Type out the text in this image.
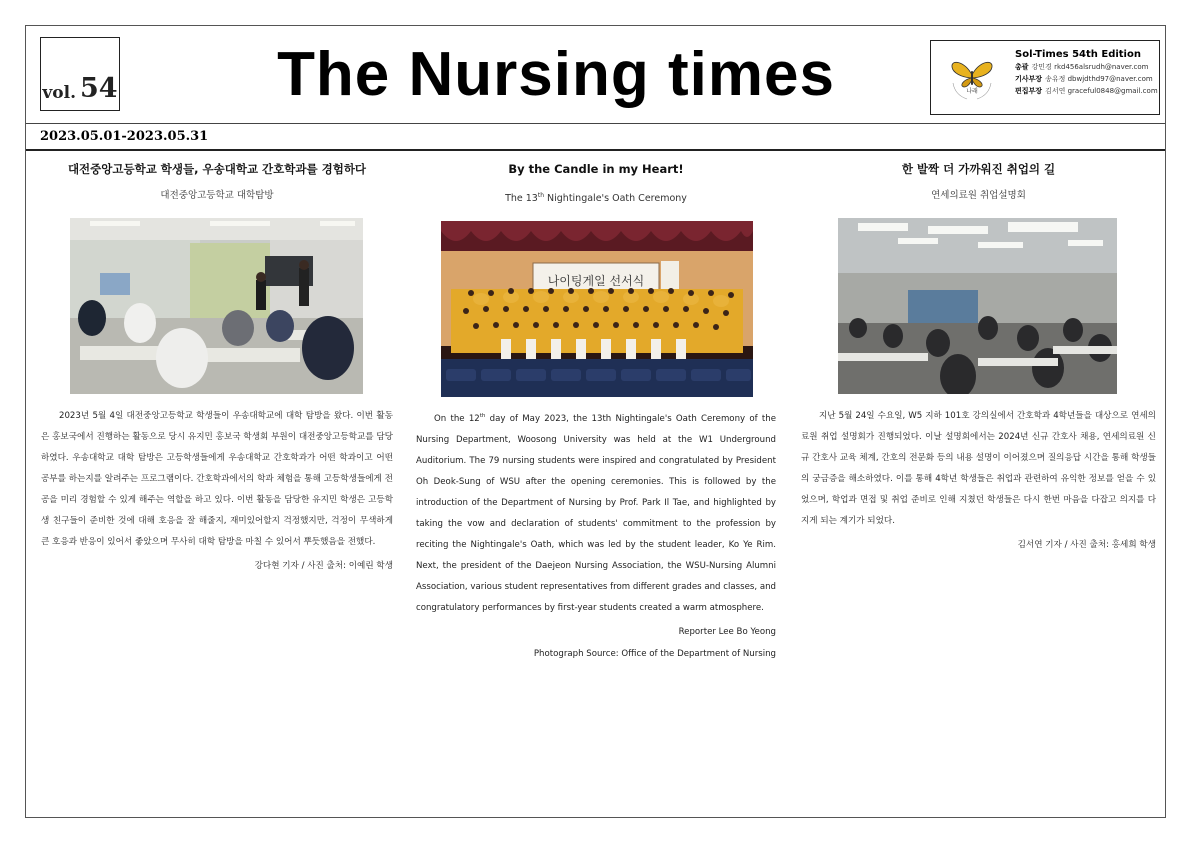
vol. 54	The Nursing times	나래
Sol-Times 54th Edition
총괄 강민경 rkd456alsrudh@naver.com
기사부장 송유정 dbwjdthd97@naver.com
편집부장 김서연 graceful0848@gmail.com
2023.05.01-2023.05.31
대전중앙고등학교 학생들, 우송대학교 간호학과를 경험하다
대전중앙고등학교 대학탐방

2023년 5월 4일 대전중앙고등학교 학생들이 우송대학교에 대학 탐방을 왔다. 이번 활동은 홍보국에서 진행하는 활동으로 당시 유지민 홍보국 학생회 부원이 대전중앙고등학교를 담당하였다. 우송대학교 대학 탐방은 고등학생들에게 우송대학교 간호학과가 어떤 학과이고 어떤 공부를 하는지를 알려주는 프로그램이다. 간호학과에서의 학과 체험을 통해 고등학생들에게 전공을 미리 경험할 수 있게 해주는 역할을 하고 있다. 이번 활동을 담당한 유지민 학생은 고등학생 친구들이 준비한 것에 대해 호응을 잘 해줄지, 재미있어할지 걱정했지만, 걱정이 무색하게 큰 호응과 반응이 있어서 좋았으며 무사히 대학 탐방을 마칠 수 있어서 뿌듯했음을 전했다.

강다현 기자 / 사진 출처: 이예린 학생
By the Candle in my Heart!
The 13th Nightingale's Oath Ceremony
나이팅게일 선서식

On the 12th day of May 2023, the 13th Nightingale's Oath Ceremony of the Nursing Department, Woosong University was held at the W1 Underground Auditorium. The 79 nursing students were inspired and congratulated by President Oh Deok-Sung of WSU after the opening ceremonies. This is followed by the introduction of the Department of Nursing by Prof. Park Il Tae, and highlighted by taking the vow and declaration of students' commitment to the profession by reciting the Nightingale's Oath, which was led by the student leader, Ko Ye Rim. Next, the president of the Daejeon Nursing Association, the WSU-Nursing Alumni Association, various student representatives from different grades and classes, and congratulatory performances by first-year students created a warm atmosphere.

Reporter Lee Bo Yeong
Photograph Source: Office of the Department of Nursing
한 발짝 더 가까워진 취업의 길
연세의료원 취업설명회

지난 5월 24일 수요일, W5 지하 101호 강의실에서 간호학과 4학년들을 대상으로 연세의료원 취업 설명회가 진행되었다. 이날 설명회에서는 2024년 신규 간호사 채용, 연세의료원 신규 간호사 교육 체계, 간호의 전문화 등의 내용 설명이 이어졌으며 질의응답 시간을 통해 학생들의 궁금증을 해소하였다. 이를 통해 4학년 학생들은 취업과 관련하여 유익한 정보를 얻을 수 있었으며, 학업과 면접 및 취업 준비로 인해 지쳤던 학생들은 다시 한번 마음을 다잡고 의지를 다지게 되는 계기가 되었다.

김서연 기자 / 사진 출처: 홍세희 학생
